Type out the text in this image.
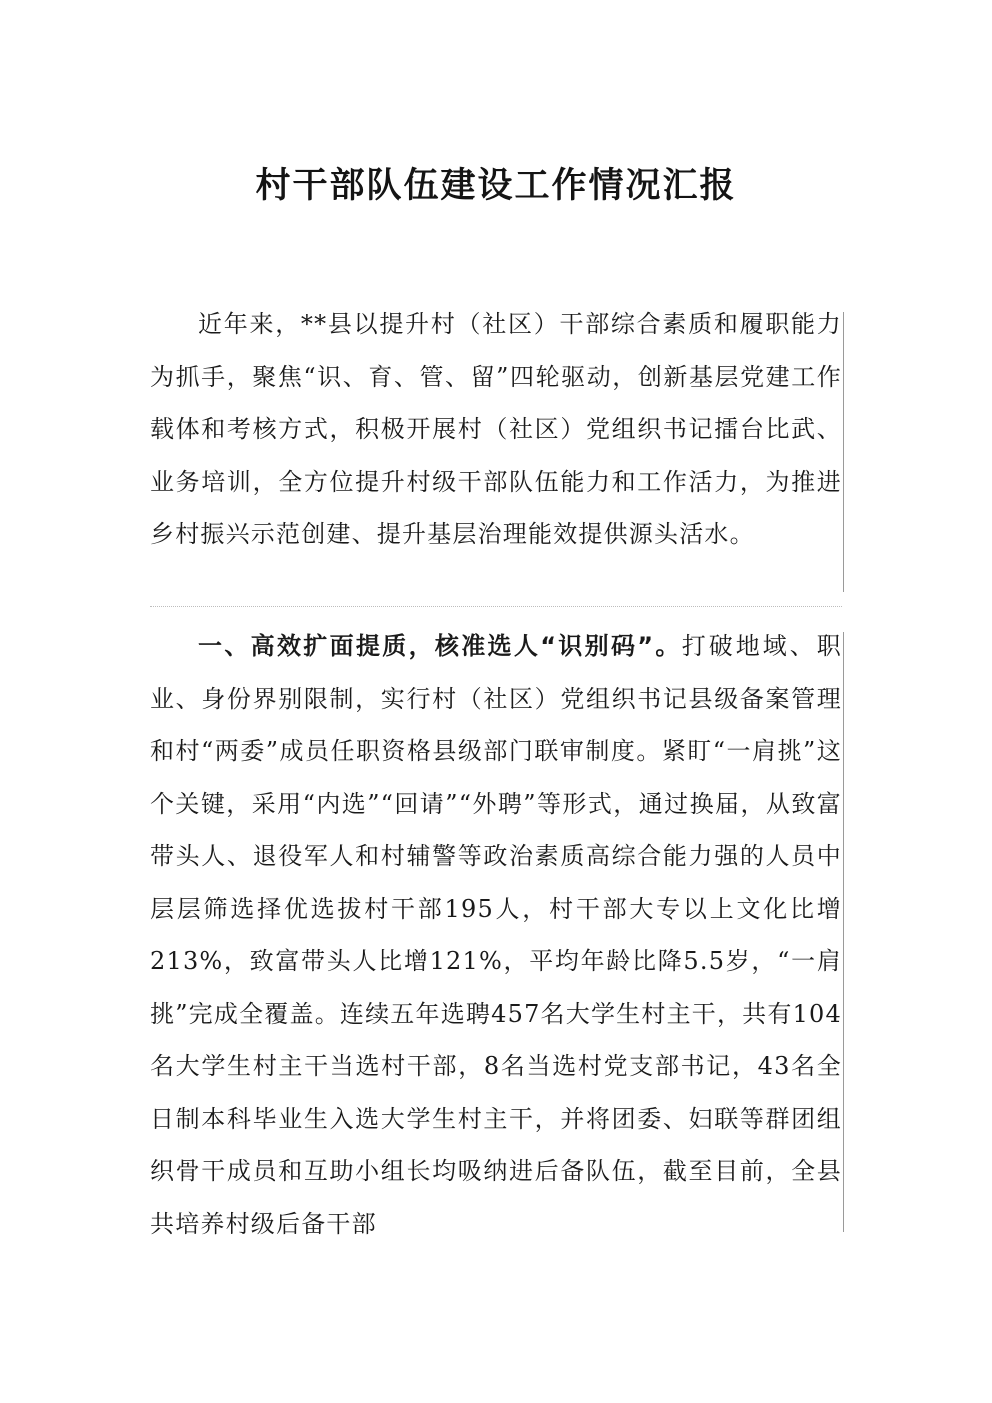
村干部队伍建设工作情况汇报
近年来，**县以提升村（社区）干部综合素质和履职能力为抓手，聚焦“识、育、管、留”四轮驱动，创新基层党建工作载体和考核方式，积极开展村（社区）党组织书记擂台比武、业务培训，全方位提升村级干部队伍能力和工作活力，为推进乡村振兴示范创建、提升基层治理能效提供源头活水。
一、高效扩面提质，核准选人“识别码”。打破地域、职业、身份界别限制，实行村（社区）党组织书记县级备案管理和村“两委”成员任职资格县级部门联审制度。紧盯“一肩挑”这个关键，采用“内选”“回请”“外聘”等形式，通过换届，从致富带头人、退役军人和村辅警等政治素质高综合能力强的人员中层层筛选择优选拔村干部195人，村干部大专以上文化比增213%，致富带头人比增121%，平均年龄比降5.5岁，“一肩挑”完成全覆盖。连续五年选聘457名大学生村主干，共有104名大学生村主干当选村干部，8名当选村党支部书记，43名全日制本科毕业生入选大学生村主干，并将团委、妇联等群团组织骨干成员和互助小组长均吸纳进后备队伍，截至目前，全县共培养村级后备干部
